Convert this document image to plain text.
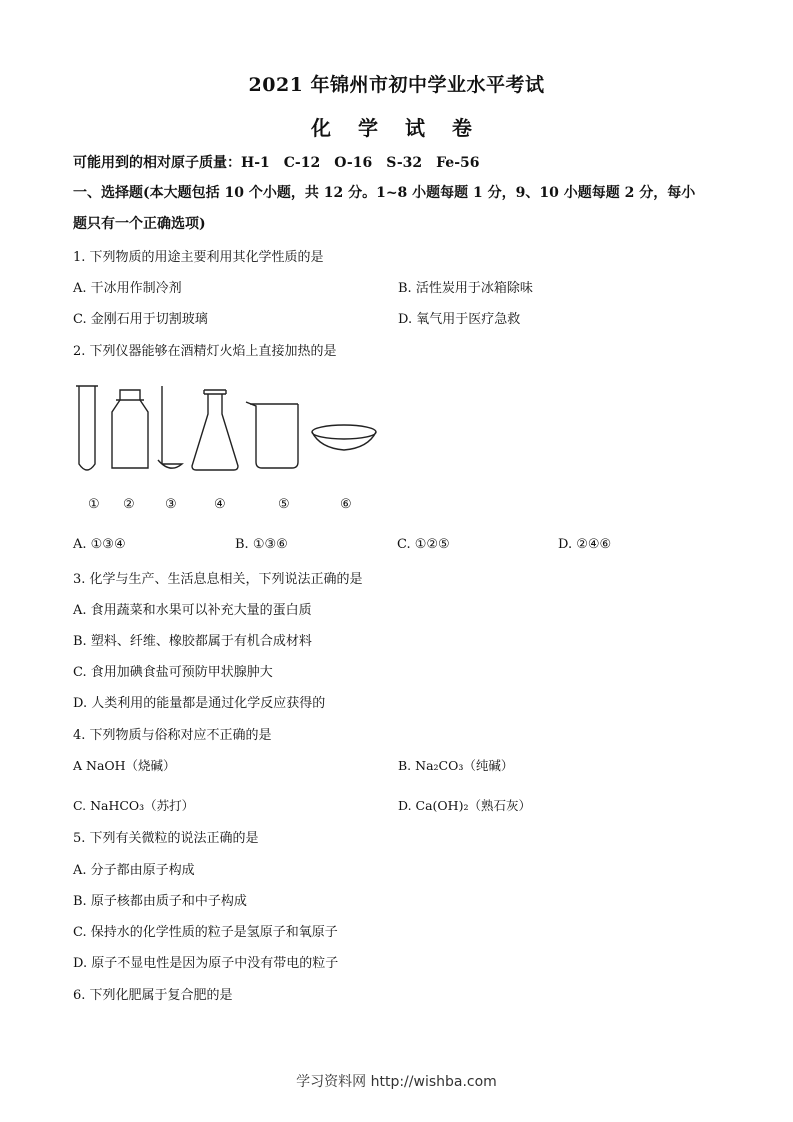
2021 年锦州市初中学业水平考试
化 学 试 卷
可能用到的相对原子质量：H-1　C-12　O-16　S-32　Fe-56
一、选择题(本大题包括 10 个小题，共 12 分。1~8 小题每题 1 分，9、10 小题每题 2 分，每小
题只有一个正确选项)
1. 下列物质的用途主要利用其化学性质的是
A. 干冰用作制冷剂	B. 活性炭用于冰箱除味
C. 金刚石用于切割玻璃	D. 氧气用于医疗急救
2. 下列仪器能够在酒精灯火焰上直接加热的是
① ② ③	④	⑤	⑥
A. ①③④	B. ①③⑥	C. ①②⑤	D. ②④⑥
3. 化学与生产、生活息息相关，下列说法正确的是
A. 食用蔬菜和水果可以补充大量的蛋白质
B. 塑料、纤维、橡胶都属于有机合成材料
C. 食用加碘食盐可预防甲状腺肿大
D. 人类利用的能量都是通过化学反应获得的
4. 下列物质与俗称对应不正确的是
A NaOH（烧碱）	B. Na₂CO₃（纯碱）
C. NaHCO₃（苏打）	D. Ca(OH)₂（熟石灰）
5. 下列有关微粒的说法正确的是
A. 分子都由原子构成
B. 原子核都由质子和中子构成
C. 保持水的化学性质的粒子是氢原子和氧原子
D. 原子不显电性是因为原子中没有带电的粒子
6. 下列化肥属于复合肥的是
学习资料网 http://wishba.com
